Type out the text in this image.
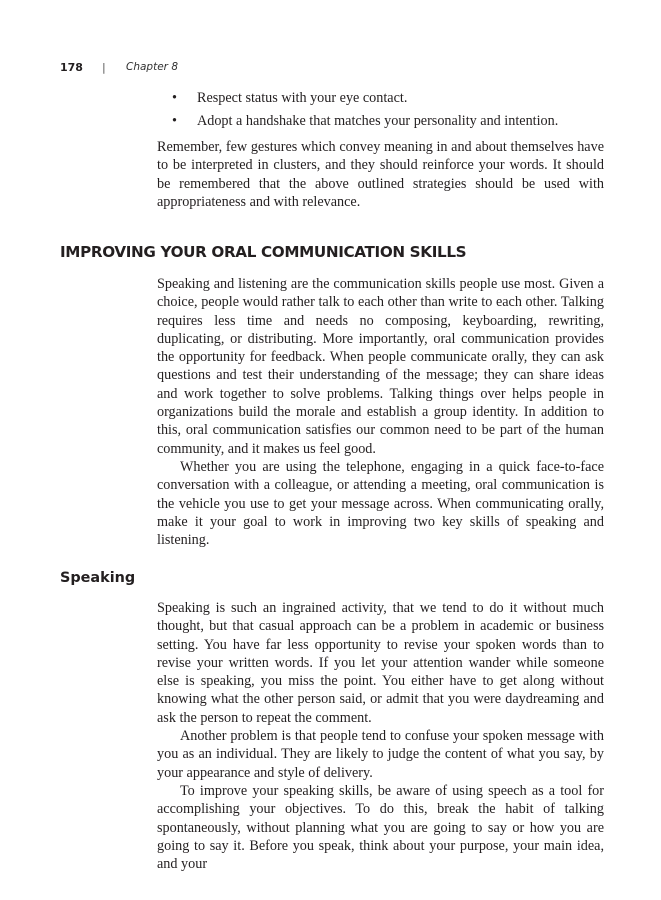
178	|	Chapter 8
•	Respect status with your eye contact.
•	Adopt a handshake that matches your personality and intention.

Remember, few gestures which convey meaning in and about themselves have to be interpreted in clusters, and they should reinforce your words. It should be remembered that the above outlined strategies should be used with appropriateness and with relevance.

IMPROVING YOUR ORAL COMMUNICATION SKILLS

Speaking and listening are the communication skills people use most. Given a choice, people would rather talk to each other than write to each other. Talking requires less time and needs no composing, keyboarding, rewriting, duplicating, or distributing. More importantly, oral communication provides the opportunity for feedback. When people communicate orally, they can ask questions and test their understanding of the message; they can share ideas and work together to solve problems. Talking things over helps people in organizations build the morale and establish a group identity. In addition to this, oral communication satisfies our common need to be part of the human community, and it makes us feel good.

Whether you are using the telephone, engaging in a quick face-to-face conversation with a colleague, or attending a meeting, oral communication is the vehicle you use to get your message across. When communicating orally, make it your goal to work in improving two key skills of speaking and listening.

Speaking

Speaking is such an ingrained activity, that we tend to do it without much thought, but that casual approach can be a problem in academic or business setting. You have far less opportunity to revise your spoken words than to revise your written words. If you let your attention wander while someone else is speaking, you miss the point. You either have to get along without knowing what the other person said, or admit that you were daydreaming and ask the person to repeat the comment.

Another problem is that people tend to confuse your spoken message with you as an individual. They are likely to judge the content of what you say, by your appearance and style of delivery.

To improve your speaking skills, be aware of using speech as a tool for accomplishing your objectives. To do this, break the habit of talking spontaneously, without planning what you are going to say or how you are going to say it. Before you speak, think about your purpose, your main idea, and your
